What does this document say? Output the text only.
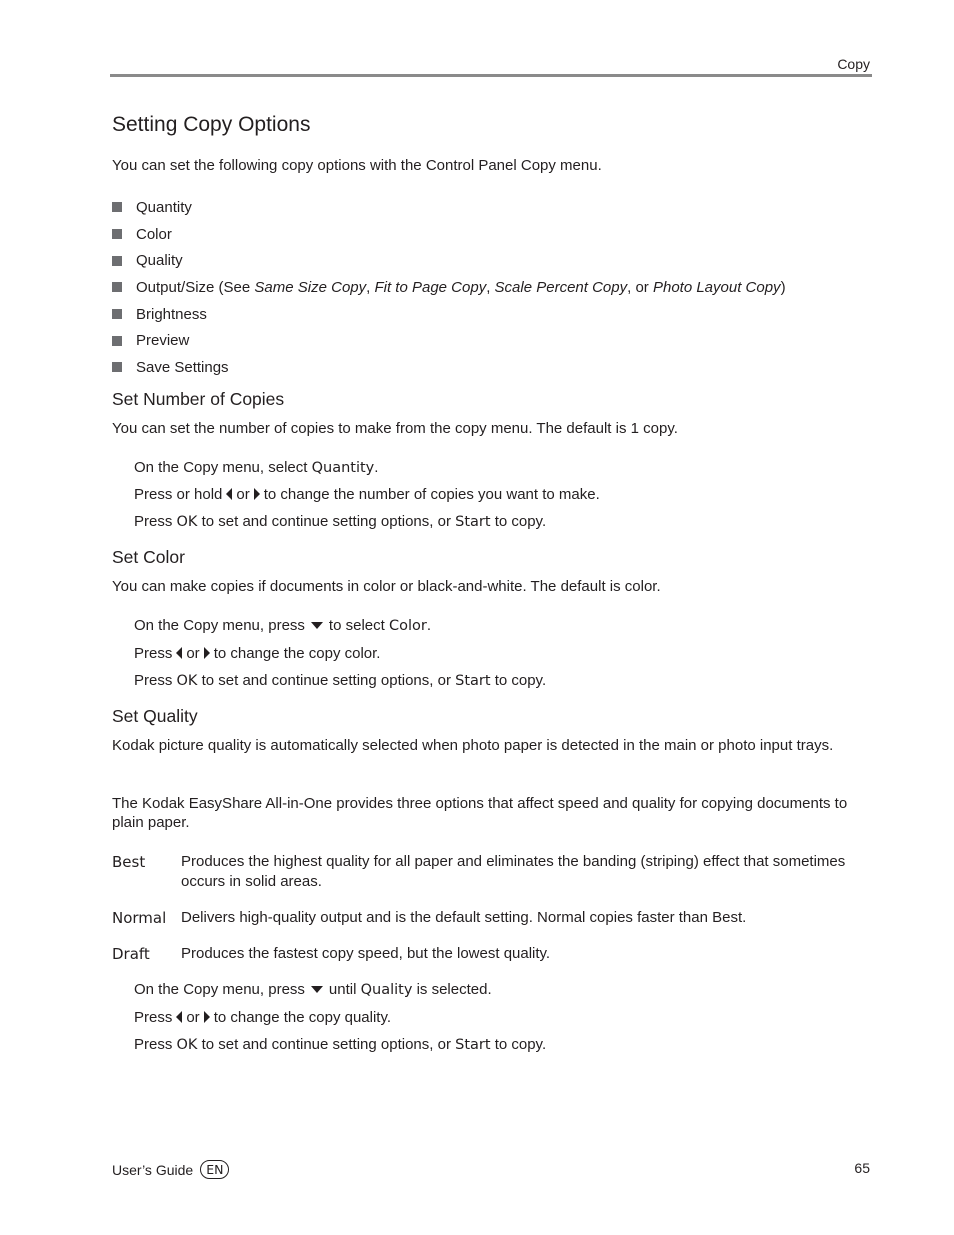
Copy
Setting Copy Options
You can set the following copy options with the Control Panel Copy menu.
Quantity
Color
Quality
Output/Size (See Same Size Copy, Fit to Page Copy, Scale Percent Copy, or Photo Layout Copy)
Brightness
Preview
Save Settings
Set Number of Copies
You can set the number of copies to make from the copy menu. The default is 1 copy.
On the Copy menu, select Quantity.
Press or hold or to change the number of copies you want to make.
Press OK to set and continue setting options, or Start to copy.
Set Color
You can make copies if documents in color or black-and-white. The default is color.
On the Copy menu, press to select Color.
Press or to change the copy color.
Press OK to set and continue setting options, or Start to copy.
Set Quality
Kodak picture quality is automatically selected when photo paper is detected in the main or photo input trays.
The Kodak EasyShare All-in-One provides three options that affect speed and quality for copying documents to plain paper.
Best Produces the highest quality for all paper and eliminates the banding (striping) effect that sometimes occurs in solid areas.
Normal Delivers high-quality output and is the default setting. Normal copies faster than Best.
Draft Produces the fastest copy speed, but the lowest quality.
On the Copy menu, press until Quality is selected.
Press or to change the copy quality.
Press OK to set and continue setting options, or Start to copy.
User’s Guide	EN	65
